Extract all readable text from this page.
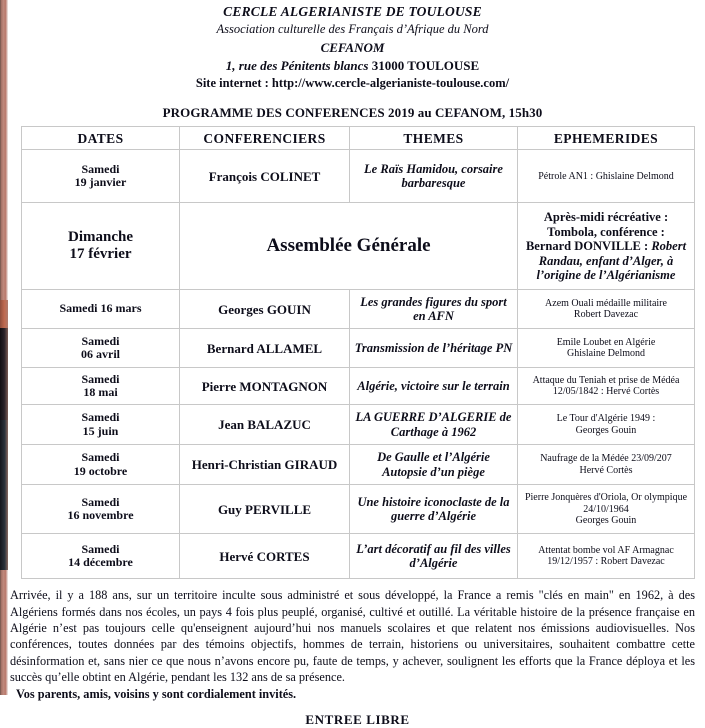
CERCLE ALGERIANISTE DE TOULOUSE
Association culturelle des Français d’Afrique du Nord
CEFANOM
1, rue des Pénitents blancs 31000 TOULOUSE
Site internet : http://www.cercle-algerianiste-toulouse.com/
PROGRAMME DES CONFERENCES 2019 au CEFANOM, 15h30
DATES	CONFERENCIERS	THEMES	EPHEMERIDES
Samedi
19 janvier	François COLINET	Le Raïs Hamidou, corsaire barbaresque	Pétrole AN1 : Ghislaine Delmond
Dimanche
17 février	Assemblée Générale		Après-midi récréative : Tombola, conférence :
Bernard DONVILLE : Robert Randau, enfant d’Alger, à l’origine de l’Algérianisme
Samedi 16 mars	Georges GOUIN	Les grandes figures du sport en AFN	Azem Ouali médaille militaire
Robert Davezac
Samedi
06 avril	Bernard ALLAMEL	Transmission de l’héritage PN	Emile Loubet en Algérie
Ghislaine Delmond
Samedi
18 mai	Pierre MONTAGNON	Algérie, victoire sur le terrain	Attaque du Teniah et prise de Médéa
12/05/1842 : Hervé Cortès
Samedi
15 juin	Jean BALAZUC	LA GUERRE D’ALGERIE de Carthage à 1962	Le Tour d'Algérie 1949 :
Georges Gouin
Samedi
19 octobre	Henri-Christian GIRAUD	De Gaulle et l’Algérie
Autopsie d’un piège	Naufrage de la Médée 23/09/207
Hervé Cortès
Samedi
16 novembre	Guy PERVILLE	Une histoire iconoclaste de la guerre d’Algérie	Pierre Jonquères d'Oriola, Or olympique 24/10/1964
Georges Gouin
Samedi
14 décembre	Hervé CORTES	L’art décoratif au fil des villes d’Algérie	Attentat bombe vol AF Armagnac
19/12/1957 : Robert Davezac
Arrivée, il y a 188 ans, sur un territoire inculte sous administré et sous développé, la France a remis "clés en main" en 1962, à des Algériens formés dans nos écoles, un pays 4 fois plus peuplé, organisé, cultivé et outillé. La véritable histoire de la présence française en Algérie n’est pas toujours celle qu'enseignent aujourd’hui nos manuels scolaires et que relatent nos émissions audiovisuelles. Nos conférences, toutes données par des témoins objectifs, hommes de terrain, historiens ou universitaires, souhaitent combattre cette désinformation et, sans nier ce que nous n’avons encore pu, faute de temps, y achever, soulignent les efforts que la France déploya et les succès qu’elle obtint en Algérie, pendant les 132 ans de sa présence.
Vos parents, amis, voisins y sont cordialement invités.
ENTREE LIBRE
